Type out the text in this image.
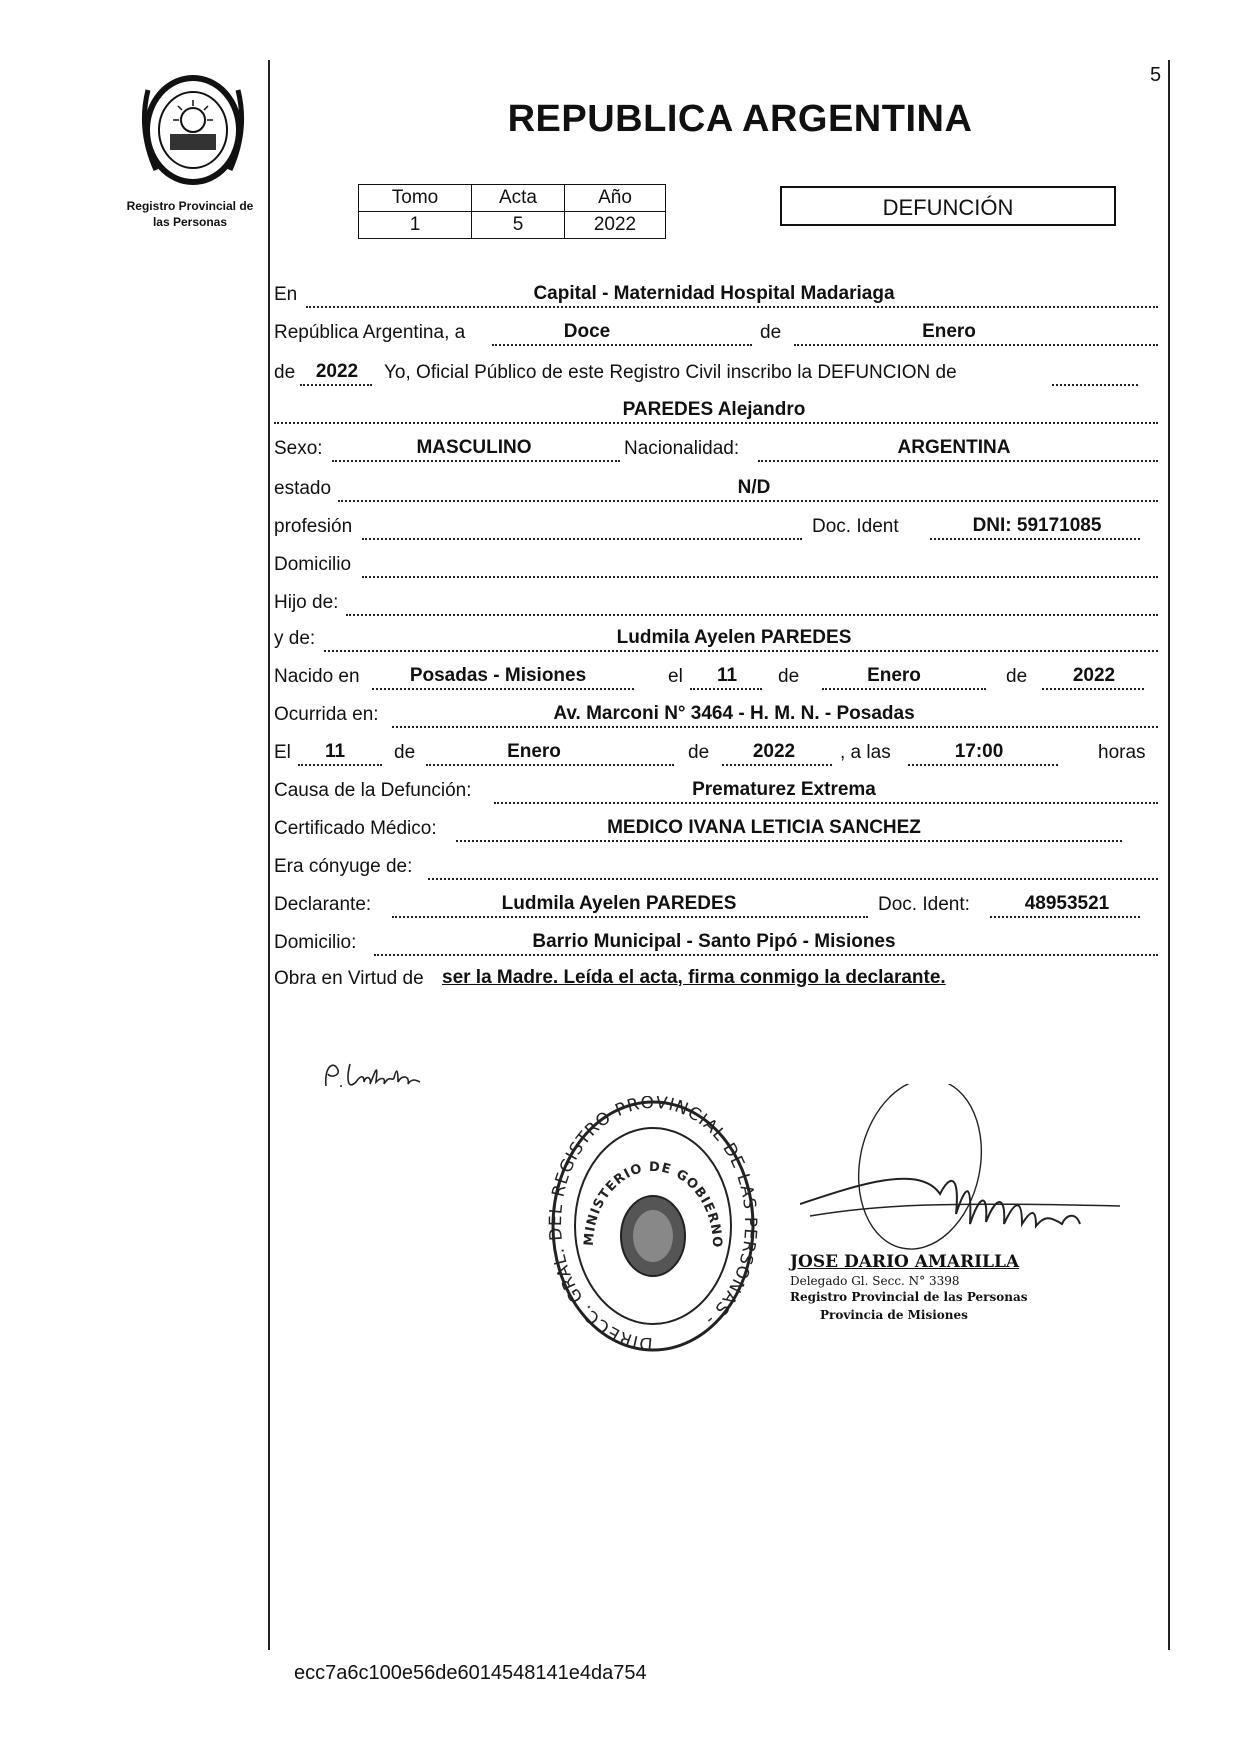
5
Registro Provincial de
las Personas
REPUBLICA ARGENTINA
Tomo	Acta	Año
1	5	2022
DEFUNCIÓN
En	Capital - Maternidad Hospital Madariaga
República Argentina, a	Doce	de	Enero
de	2022	Yo, Oficial Público de este Registro Civil inscribo la DEFUNCION de
PAREDES Alejandro
Sexo:	MASCULINO	Nacionalidad:	ARGENTINA
estado	N/D
profesión	Doc. Ident	DNI: 59171085
Domicilio
Hijo de:
y de:	Ludmila Ayelen PAREDES
Nacido en	Posadas - Misiones	el	11	de	Enero	de	2022
Ocurrida en:	Av. Marconi N° 3464 - H. M. N. - Posadas
El	11	de	Enero	de	2022	, a las	17:00	horas
Causa de la Defunción:	Prematurez Extrema
Certificado Médico:	MEDICO IVANA LETICIA SANCHEZ
Era cónyuge de:
Declarante:	Ludmila Ayelen PAREDES	Doc. Ident:	48953521
Domicilio:	Barrio Municipal - Santo Pipó - Misiones
Obra en Virtud de ser la Madre. Leída el acta, firma conmigo la declarante.
DIRECC. GRAL. D L REGISTRO PROVINCIAL DE LAS ERSONAS -
MINISTERIO DE GOBIERNO
JOSE DARIO AMARILLA
Delegado Gl. Secc. N° 3398
Registro Provincial de las Personas
Provincia de Misiones
ecc7a6c100e56de6014548141e4da754
